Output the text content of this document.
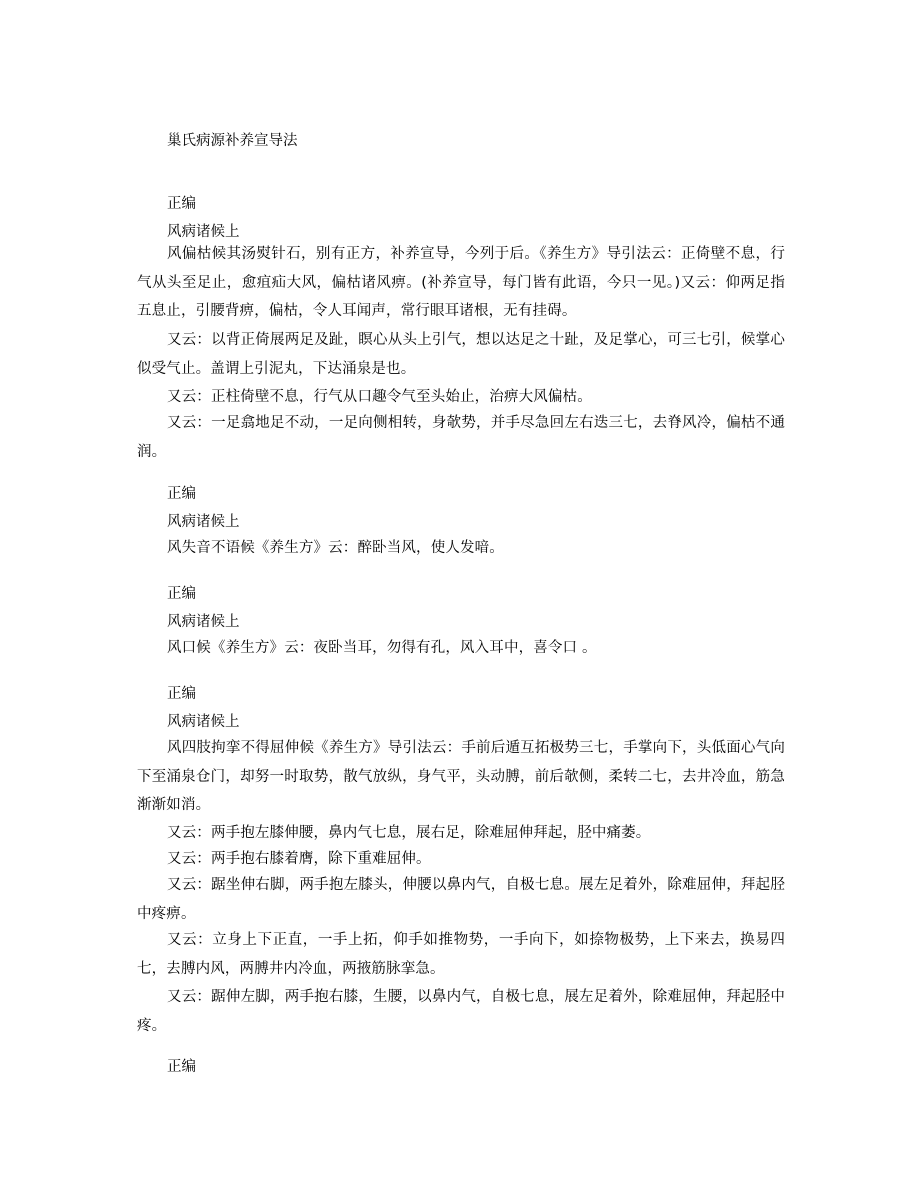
巢氏病源补养宣导法
正编
风病诸候上
风偏枯候其汤熨针石，别有正方，补养宣导，今列于后。《养生方》导引法云：正倚壁不息，行气从头至足止，愈疽疝大风，偏枯诸风痹。(补养宣导，每门皆有此语，今只一见。)又云：仰两足指五息止，引腰背痹，偏枯，令人耳闻声，常行眼耳诸根，无有挂碍。
又云：以背正倚展两足及趾，瞑心从头上引气，想以达足之十趾，及足掌心，可三七引，候掌心似受气止。盖谓上引泥丸，下达涌泉是也。
又云：正柱倚壁不息，行气从口趣令气至头始止，治痹大风偏枯。
又云：一足翕地足不动，一足向侧相转，身欹势，并手尽急回左右迭三七，去脊风冷，偏枯不通润。
正编
风病诸候上
风失音不语候《养生方》云：醉卧当风，使人发喑。
正编
风病诸候上
风口候《养生方》云：夜卧当耳，勿得有孔，风入耳中，喜令口 。
正编
风病诸候上
风四肢拘挛不得屈伸候《养生方》导引法云：手前后遁互拓极势三七，手掌向下，头低面心气向下至涌泉仓门，却努一时取势，散气放纵，身气平，头动膊，前后欹侧，柔转二七，去井冷血，筋急渐渐如消。
又云：两手抱左膝伸腰，鼻内气七息，展右足，除难屈伸拜起，胫中痛萎。
又云：两手抱右膝着膺，除下重难屈伸。
又云：踞坐伸右脚，两手抱左膝头，伸腰以鼻内气，自极七息。展左足着外，除难屈伸，拜起胫中疼痹。
又云：立身上下正直，一手上拓，仰手如推物势，一手向下，如捺物极势，上下来去，换易四七，去膊内风，两膊井内冷血，两掖筋脉挛急。
又云：踞伸左脚，两手抱右膝，生腰，以鼻内气，自极七息，展左足着外，除难屈伸，拜起胫中疼。
正编
